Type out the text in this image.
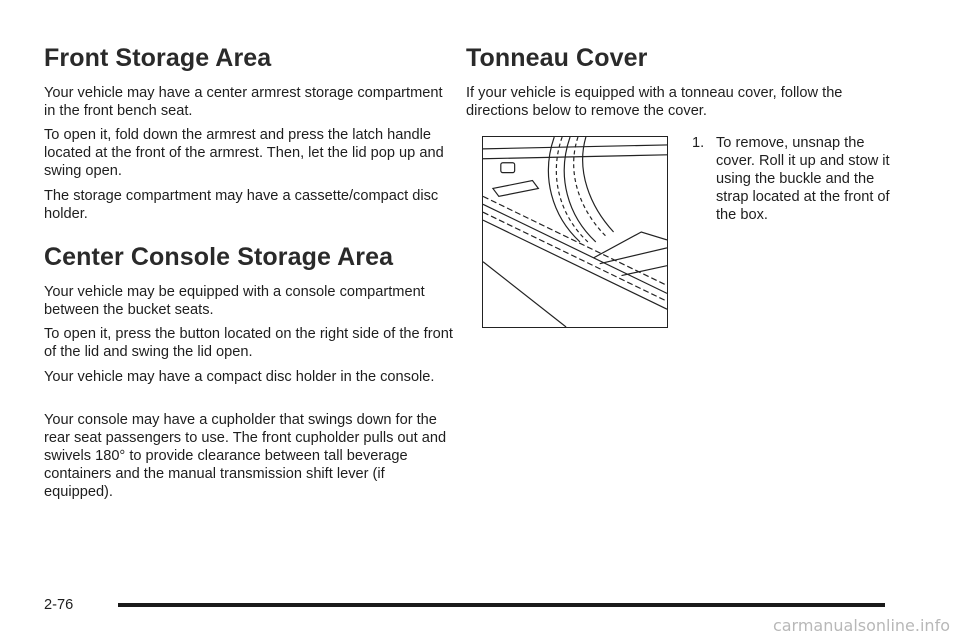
Front Storage Area

Your vehicle may have a center armrest storage compartment in the front bench seat.

To open it, fold down the armrest and press the latch handle located at the front of the armrest. Then, let the lid pop up and swing open.

The storage compartment may have a cassette/compact disc holder.

Center Console Storage Area

Your vehicle may be equipped with a console compartment between the bucket seats.

To open it, press the button located on the right side of the front of the lid and swing the lid open.

Your vehicle may have a compact disc holder in the console.

Your console may have a cupholder that swings down for the rear seat passengers to use. The front cupholder pulls out and swivels 180° to provide clearance between tall beverage containers and the manual transmission shift lever (if equipped).

Tonneau Cover

If your vehicle is equipped with a tonneau cover, follow the directions below to remove the cover.

1. To remove, unsnap the cover. Roll it up and stow it using the buckle and the strap located at the front of the box.
2-76
carmanualsonline.info
